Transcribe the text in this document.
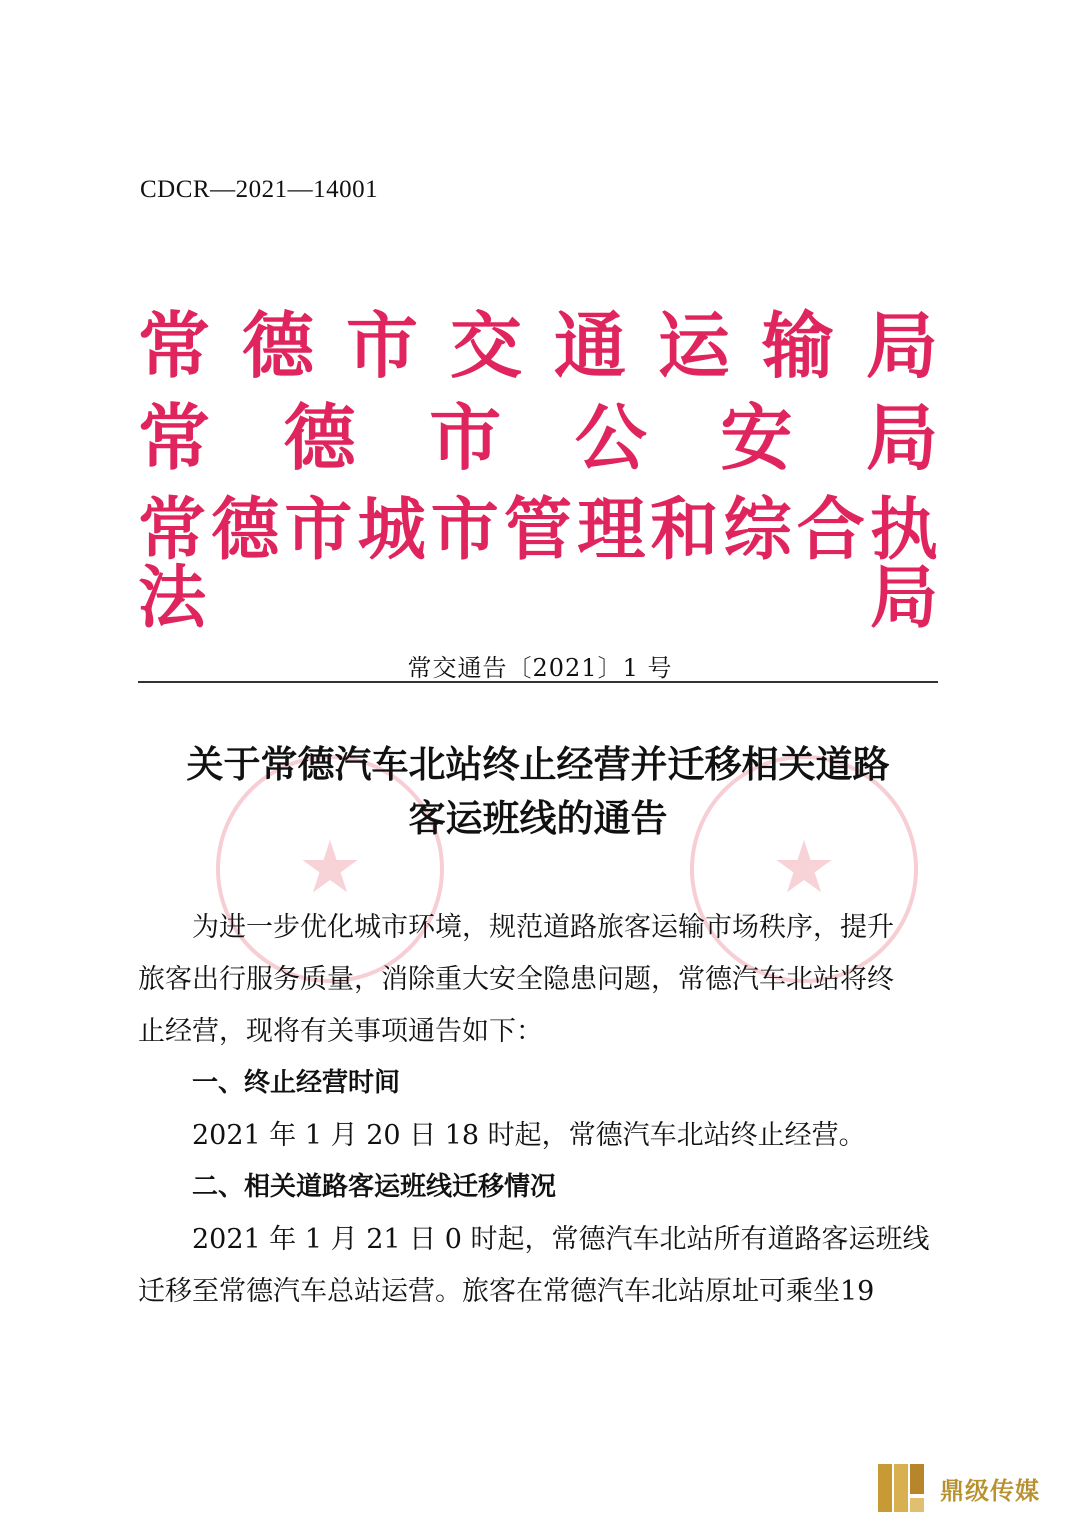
CDCR—2021—14001
常 德 市 交 通 运 输 局
常 德 市 公 安 局
常德市城市管理和综合执法局
常交通告〔2021〕1 号
★	★
关于常德汽车北站终止经营并迁移相关道路
客运班线的通告
为进一步优化城市环境，规范道路旅客运输市场秩序，提升
旅客出行服务质量，消除重大安全隐患问题，常德汽车北站将终
止经营，现将有关事项通告如下：
一、终止经营时间
2021 年 1 月 20 日 18 时起，常德汽车北站终止经营。
二、相关道路客运班线迁移情况
2021 年 1 月 21 日 0 时起，常德汽车北站所有道路客运班线
迁移至常德汽车总站运营。旅客在常德汽车北站原址可乘坐19
鼎级传媒
